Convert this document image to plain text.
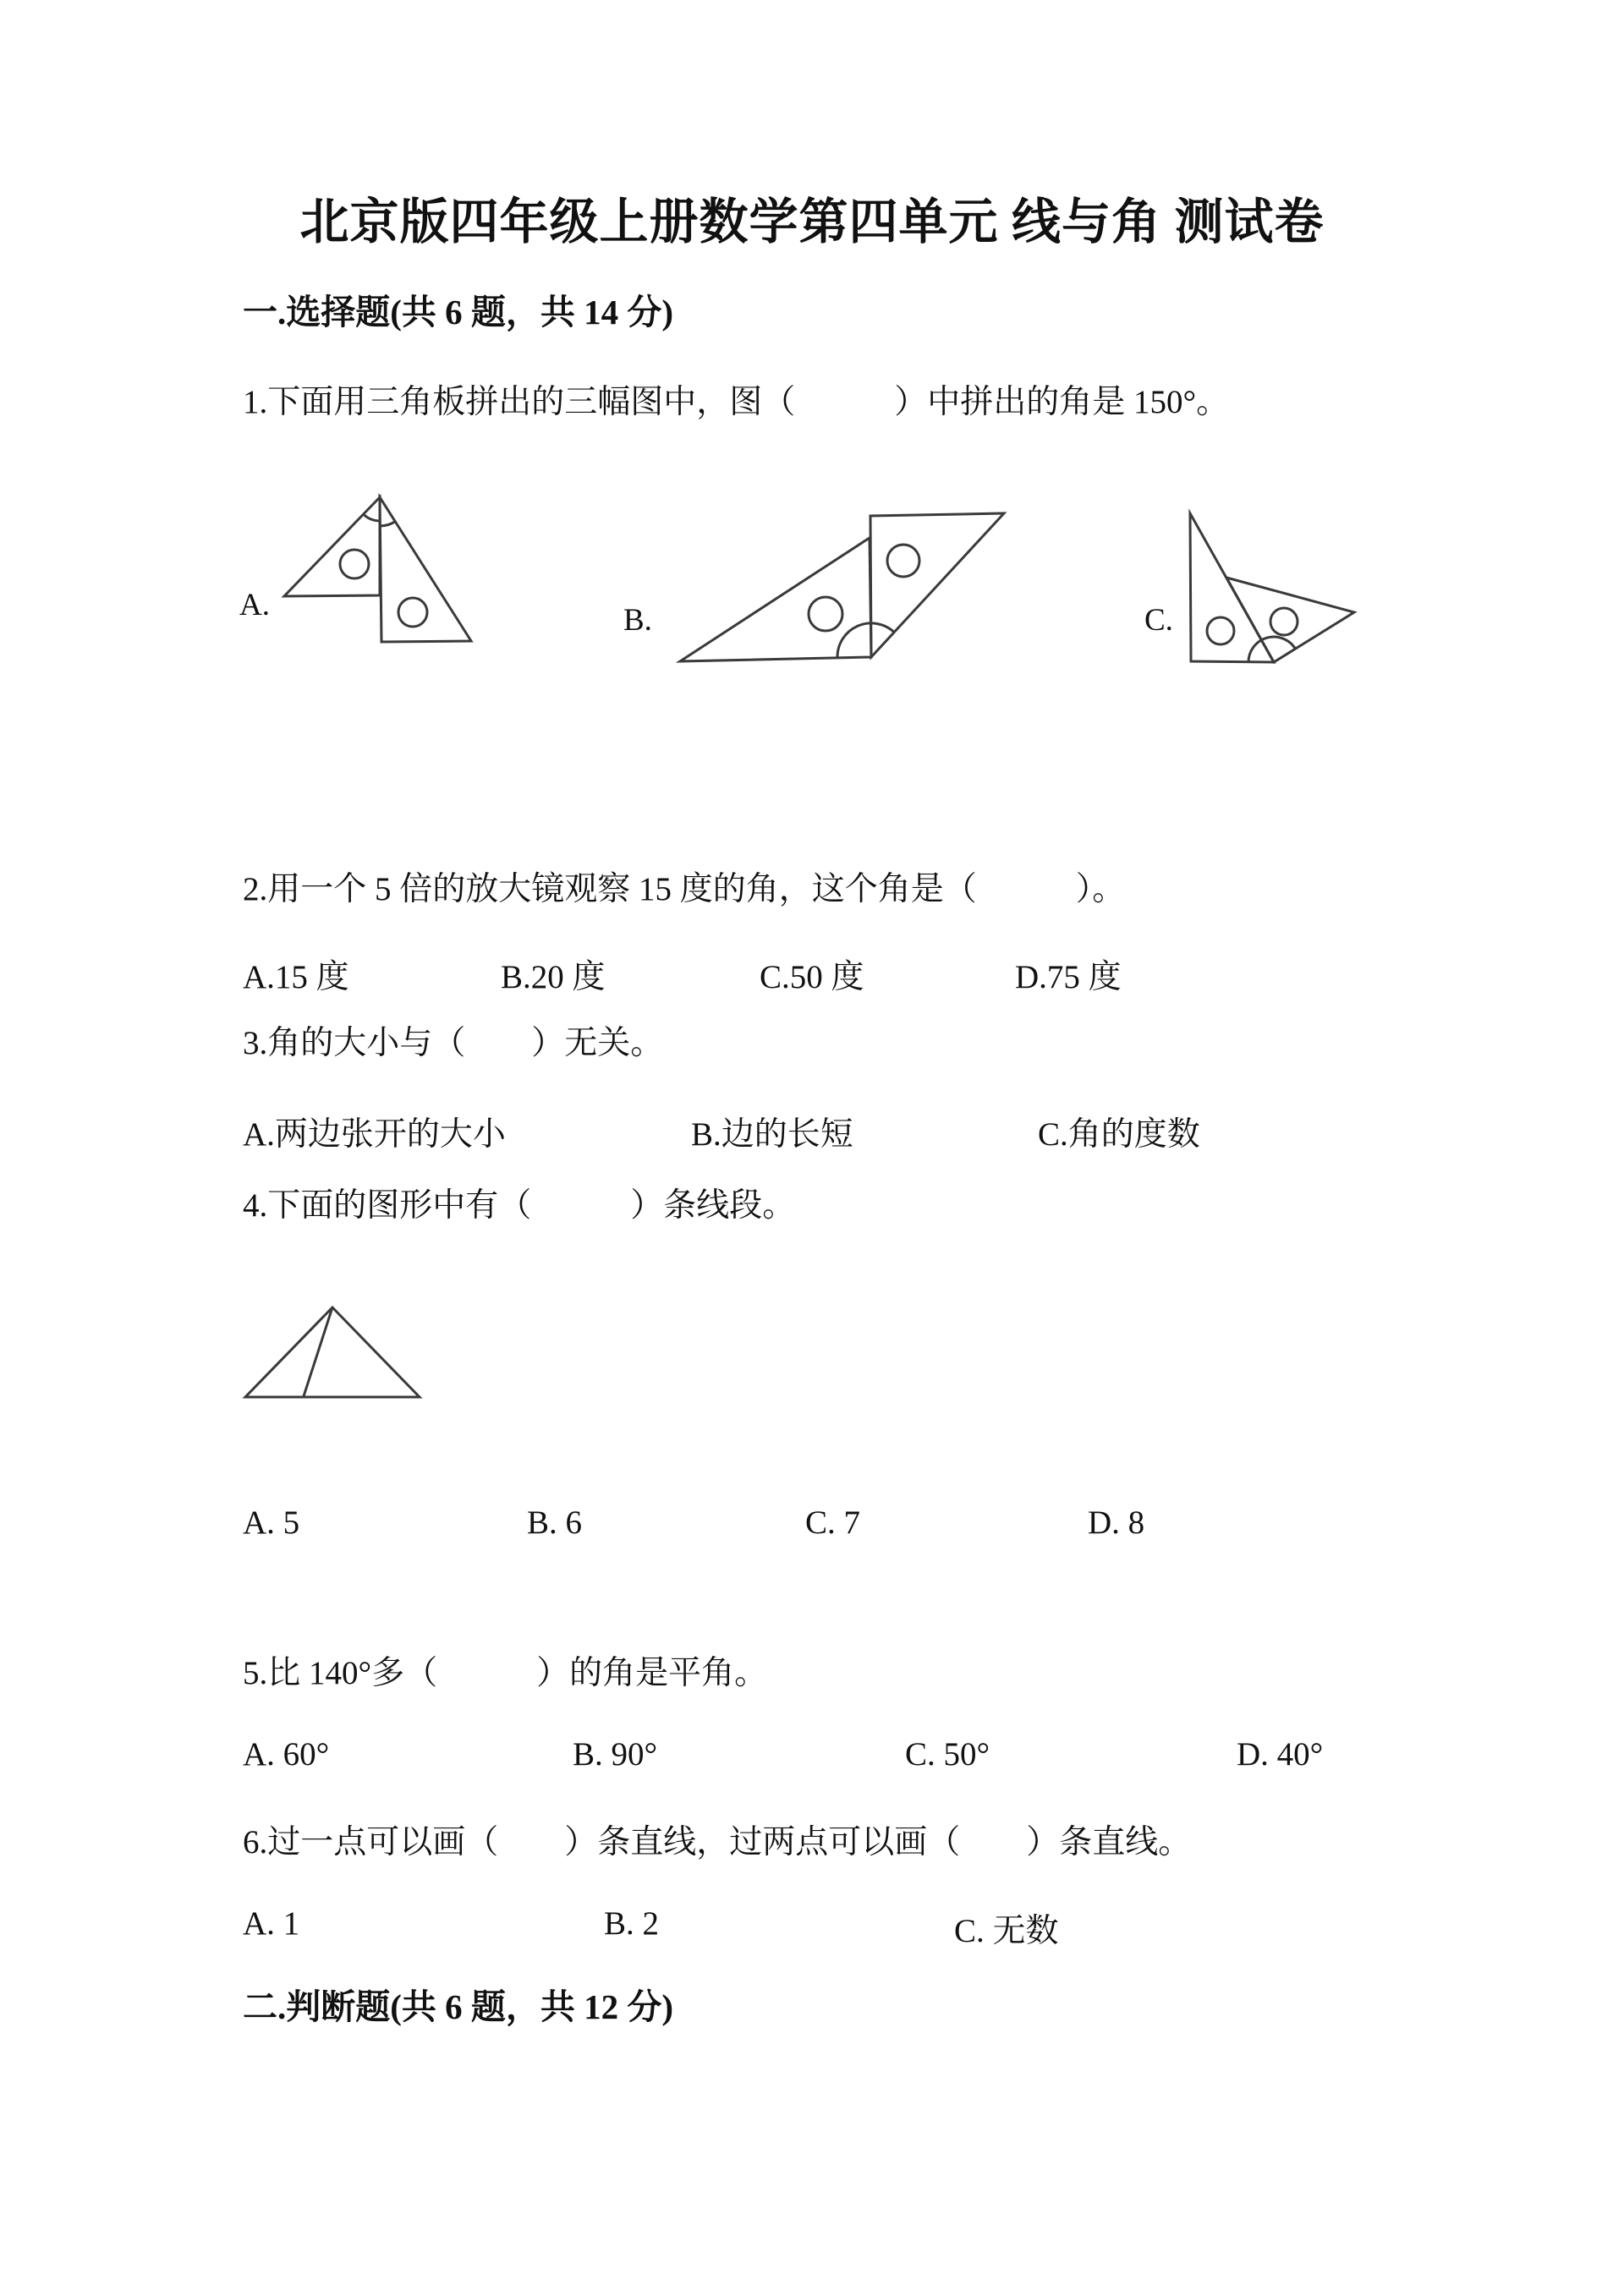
北京版四年级上册数学第四单元 线与角 测试卷
一.选择题(共 6 题，共 14 分)
1.下面用三角板拼出的三幅图中，图（　　　）中拼出的角是 150°。
A.	B.	C.
2.用一个 5 倍的放大镜观察 15 度的角，这个角是（　　　）。
A.15 度	B.20 度	C.50 度	D.75 度
3.角的大小与（　　）无关。
A.两边张开的大小	B.边的长短	C.角的度数
4.下面的图形中有（　　　）条线段。
A. 5	B. 6	C. 7	D. 8
5.比 140°多（　　　）的角是平角。
A. 60°	B. 90°	C. 50°	D. 40°
6.过一点可以画（　　）条直线，过两点可以画（　　）条直线。
A. 1	B. 2	C. 无数
二.判断题(共 6 题，共 12 分)
